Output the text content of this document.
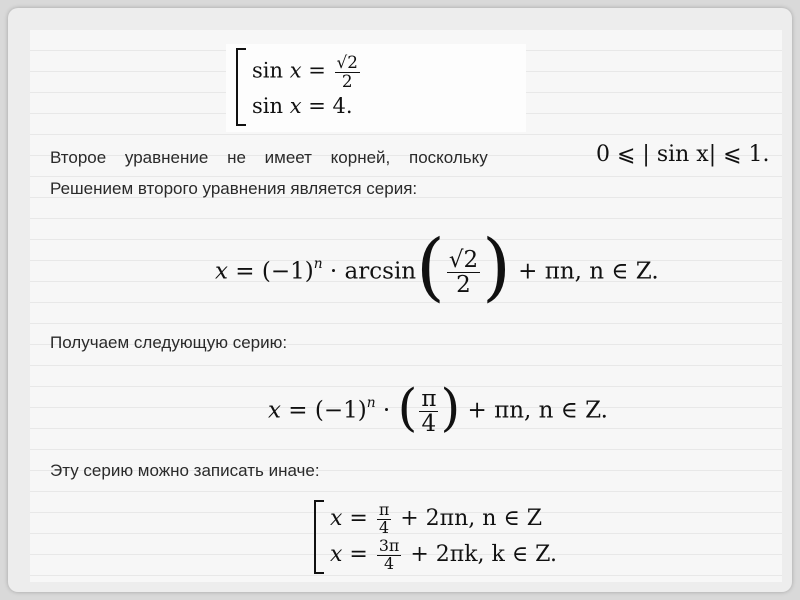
$\sin x = \frac{√2}{2}$
sin x = 4.
Второе уравнение не имеет корней, поскольку	0 ⩽ | sin x| ⩽ 1.
Решением второго уравнения является серия:
$x = (-1)^n \cdot \arcsin( \frac{√2}{2}$ ) + πn, n ∈ Z.
Получаем следующую серию:
$x = (-1)^n$ · ( $\frac{\pi}{4}$ ) + πn, n ∈ Z.
Эту серию можно записать иначе:
$x = \frac{\pi}{4} + 2\pi n$, n ∈ Z
$x = \frac{3\pi}{4} + 2\pi k$, k ∈ Z.
